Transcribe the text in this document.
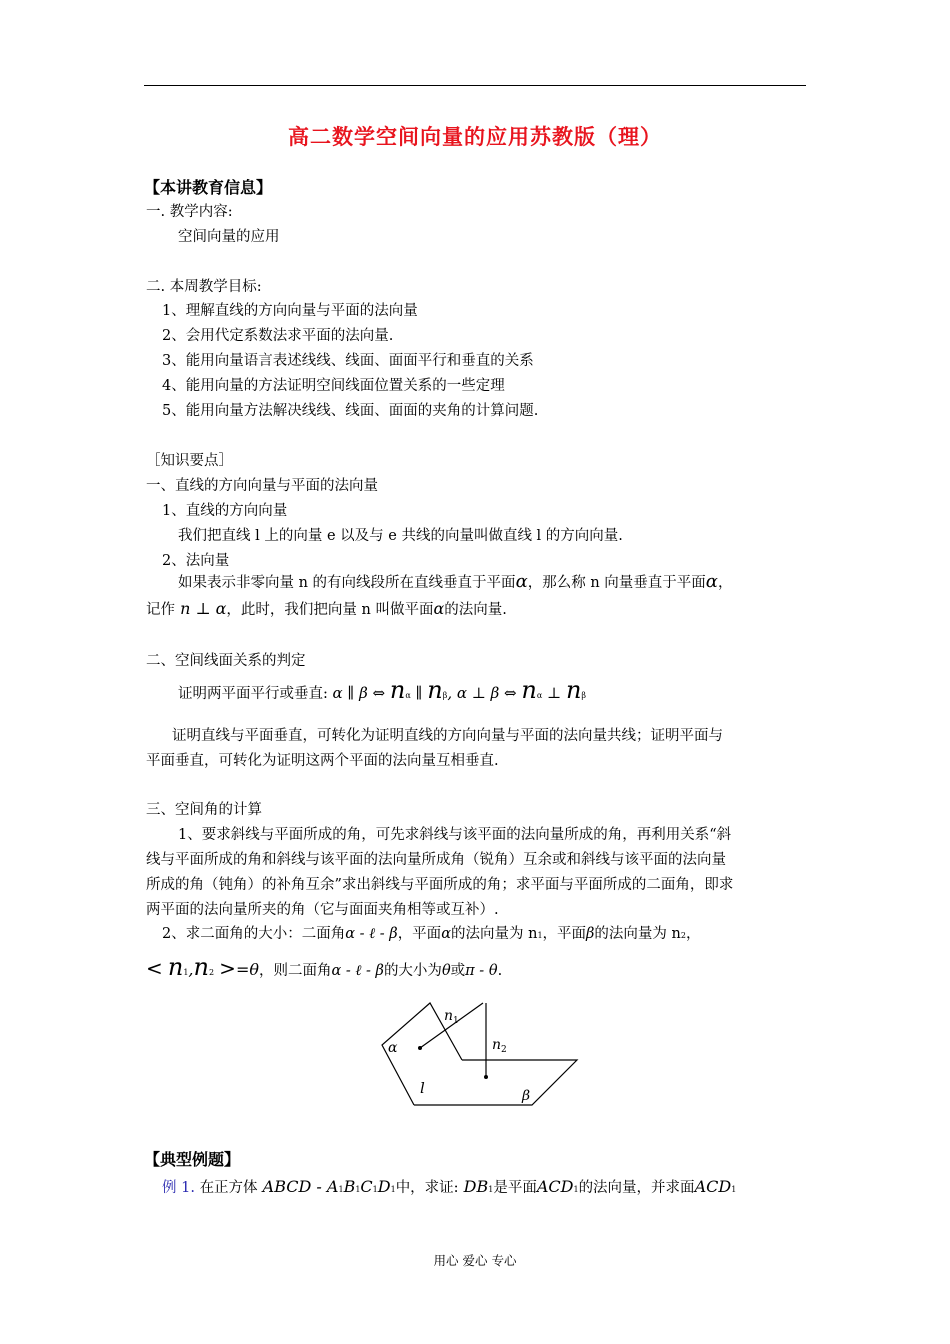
高二数学空间向量的应用苏教版（理）
【本讲教育信息】
一. 教学内容:
空间向量的应用
二. 本周教学目标:
1、理解直线的方向向量与平面的法向量
2、会用代定系数法求平面的法向量.
3、能用向量语言表述线线、线面、面面平行和垂直的关系
4、能用向量的方法证明空间线面位置关系的一些定理
5、能用向量方法解决线线、线面、面面的夹角的计算问题.
［知识要点］
一、直线的方向向量与平面的法向量
1、直线的方向向量
我们把直线 l 上的向量 e 以及与 e 共线的向量叫做直线 l 的方向向量.
2、法向量
如果表示非零向量 n 的有向线段所在直线垂直于平面α，那么称 n 向量垂直于平面α，
记作 n ⊥ α，此时，我们把向量 n 叫做平面α的法向量.
二、空间线面关系的判定
证明两平面平行或垂直: α ∥ β ⇔ nα ∥ nβ, α ⊥ β ⇔ nα ⊥ nβ
证明直线与平面垂直，可转化为证明直线的方向向量与平面的法向量共线；证明平面与
平面垂直，可转化为证明这两个平面的法向量互相垂直.
三、空间角的计算
1、要求斜线与平面所成的角，可先求斜线与该平面的法向量所成的角，再利用关系“斜
线与平面所成的角和斜线与该平面的法向量所成角（锐角）互余或和斜线与该平面的法向量
所成的角（钝角）的补角互余”求出斜线与平面所成的角；求平面与平面所成的二面角，即求
两平面的法向量所夹的角（它与面面夹角相等或互补）.
2、求二面角的大小：二面角α - ℓ - β，平面α的法向量为 n1，平面β的法向量为 n2，
< n1,n2 >=θ，则二面角α - ℓ - β的大小为θ或π - θ.
n 1
n 2
α
β
l
【典型例题】
例 1. 在正方体 ABCD - A1B1C1D1中，求证: DB1是平面ACD1的法向量，并求面ACD1
用心 爱心 专心
